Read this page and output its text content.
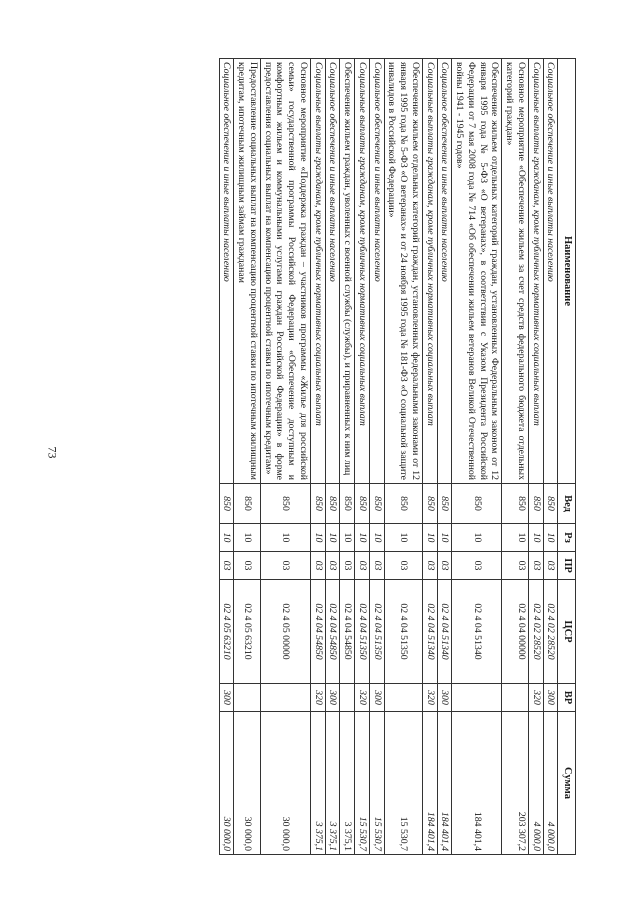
73
Наименование	Вед	Рз	ПР	ЦСР	ВР	Сумма
Социальное обеспечение и иные выплаты населению	850	10	03	02 4 02 28520	300	4 000,0
Социальные выплаты гражданам, кроме публичных нормативных социальных выплат	850	10	03	02 4 02 28520	320	4 000,0
Основное мероприятие «Обеспечение жильем за счет средств федерального бюджета отдельных категорий граждан»	850	10	03	02 4 04 00000		203 307,2
Обеспечение жильем отдельных категорий граждан, установленных Федеральным законом от 12 января 1995 года № 5-ФЗ «О ветеранах», в соответствии с Указом Президента Российской Федерации от 7 мая 2008 года № 714 «Об обеспечении жильем ветеранов Великой Отечественной войны 1941 - 1945 годов»	850	10	03	02 4 04 51340		184 401,4
Социальное обеспечение и иные выплаты населению	850	10	03	02 4 04 51340	300	184 401,4
Социальные выплаты гражданам, кроме публичных нормативных социальных выплат	850	10	03	02 4 04 51340	320	184 401,4
Обеспечение жильем отдельных категорий граждан, установленных федеральными законами от 12 января 1995 года № 5-ФЗ «О ветеранах» и от 24 ноября 1995 года № 181-ФЗ «О социальной защите инвалидов в Российской Федерации»	850	10	03	02 4 04 51350		15 530,7
Социальное обеспечение и иные выплаты населению	850	10	03	02 4 04 51350	300	15 530,7
Социальные выплаты гражданам, кроме публичных нормативных социальных выплат	850	10	03	02 4 04 51350	320	15 530,7
Обеспечение жильем граждан, уволенных с военной службы (службы), и приравненных к ним лиц	850	10	03	02 4 04 54850		3 375,1
Социальное обеспечение и иные выплаты населению	850	10	03	02 4 04 54850	300	3 375,1
Социальные выплаты гражданам, кроме публичных нормативных социальных выплат	850	10	03	02 4 04 54850	320	3 375,1
Основное мероприятие «Поддержка граждан – участников программы «Жилье для российской семьи» государственной программы Российской Федерации «Обеспечение доступным и комфортным жильем и коммунальными услугами граждан Российской Федерации» в форме предоставления социальных выплат на компенсацию процентной ставки по ипотечным кредитам»	850	10	03	02 4 05 00000		30 000,0
Предоставление социальных выплат на компенсацию процентной ставки по ипотечным жилищным кредитам, ипотечным жилищным займам гражданам	850	10	03	02 4 05 63210		30 000,0
Социальное обеспечение и иные выплаты населению	850	10	03	02 4 05 63210	300	30 000,0
